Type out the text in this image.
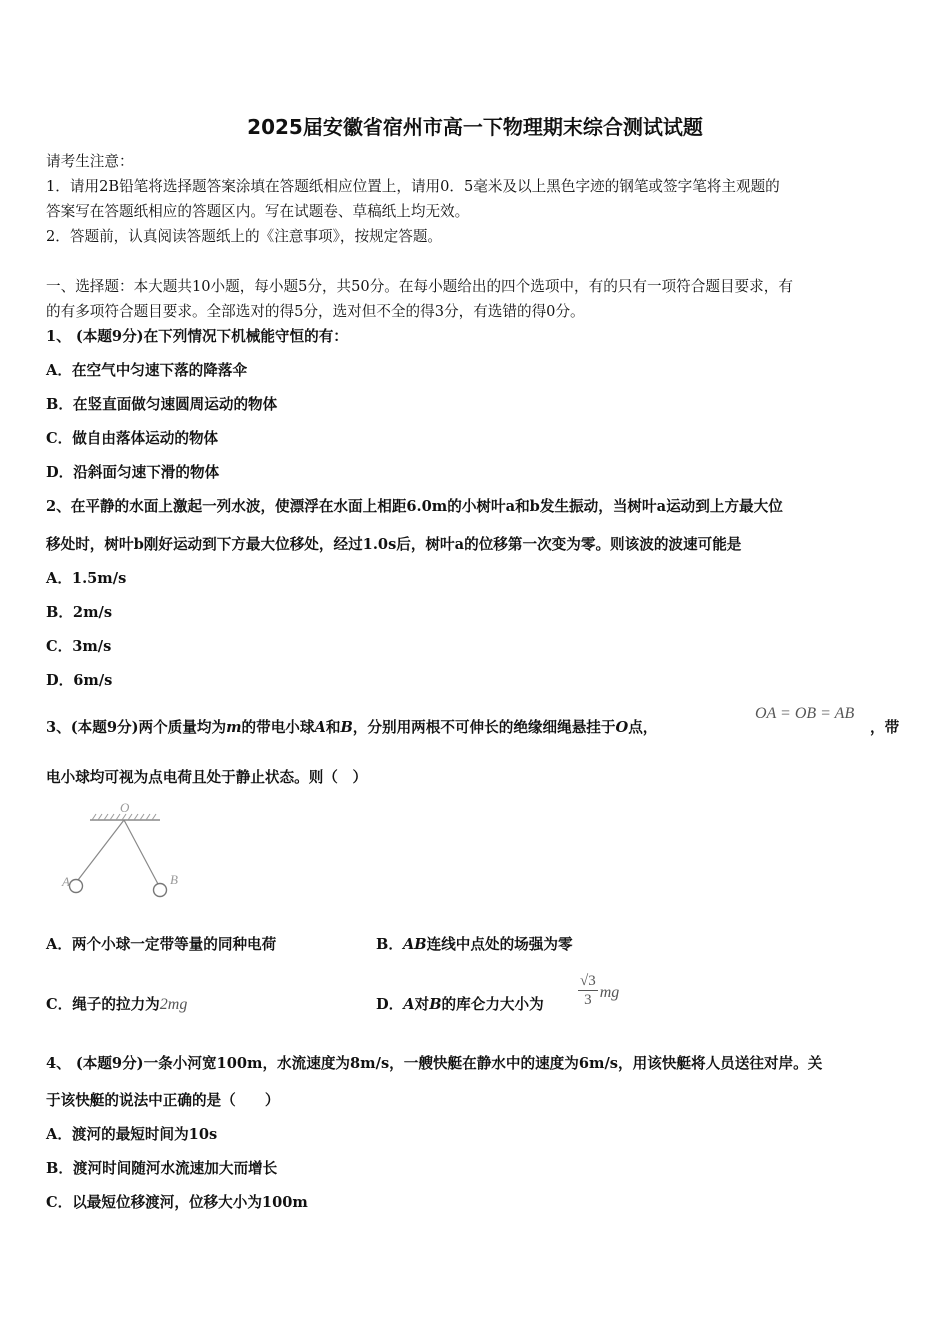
2025届安徽省宿州市高一下物理期末综合测试试题
请考生注意：
1．请用2B铅笔将选择题答案涂填在答题纸相应位置上，请用0．5毫米及以上黑色字迹的钢笔或签字笔将主观题的
答案写在答题纸相应的答题区内。写在试题卷、草稿纸上均无效。
2．答题前，认真阅读答题纸上的《注意事项》，按规定答题。
一、选择题：本大题共10小题，每小题5分，共50分。在每小题给出的四个选项中，有的只有一项符合题目要求，有
的有多项符合题目要求。全部选对的得5分，选对但不全的得3分，有选错的得0分。
1、 (本题9分)在下列情况下机械能守恒的有：
A．在空气中匀速下落的降落伞
B．在竖直面做匀速圆周运动的物体
C．做自由落体运动的物体
D．沿斜面匀速下滑的物体
2、在平静的水面上激起一列水波，使漂浮在水面上相距6.0m的小树叶a和b发生振动，当树叶a运动到上方最大位
移处时，树叶b刚好运动到下方最大位移处，经过1.0s后，树叶a的位移第一次变为零。则该波的波速可能是
A．1.5m/s
B．2m/s
C．3m/s
D．6m/s
3、(本题9分)两个质量均为m的带电小球A和B，分别用两根不可伸长的绝缘细绳悬挂于O点，
OA = OB = AB
，带
电小球均可视为点电荷且处于静止状态。则（　）
O
A	B
A．两个小球一定带等量的同种电荷	B．AB连线中点处的场强为零
C．绳子的拉力为2mg	D．A对B的库仑力大小为	$\frac{√3}{3}$ mg
4、 (本题9分)一条小河宽100m，水流速度为8m/s，一艘快艇在静水中的速度为6m/s，用该快艇将人员送往对岸。关
于该快艇的说法中正确的是（　　）
A．渡河的最短时间为10s
B．渡河时间随河水流速加大而增长
C．以最短位移渡河，位移大小为100m
